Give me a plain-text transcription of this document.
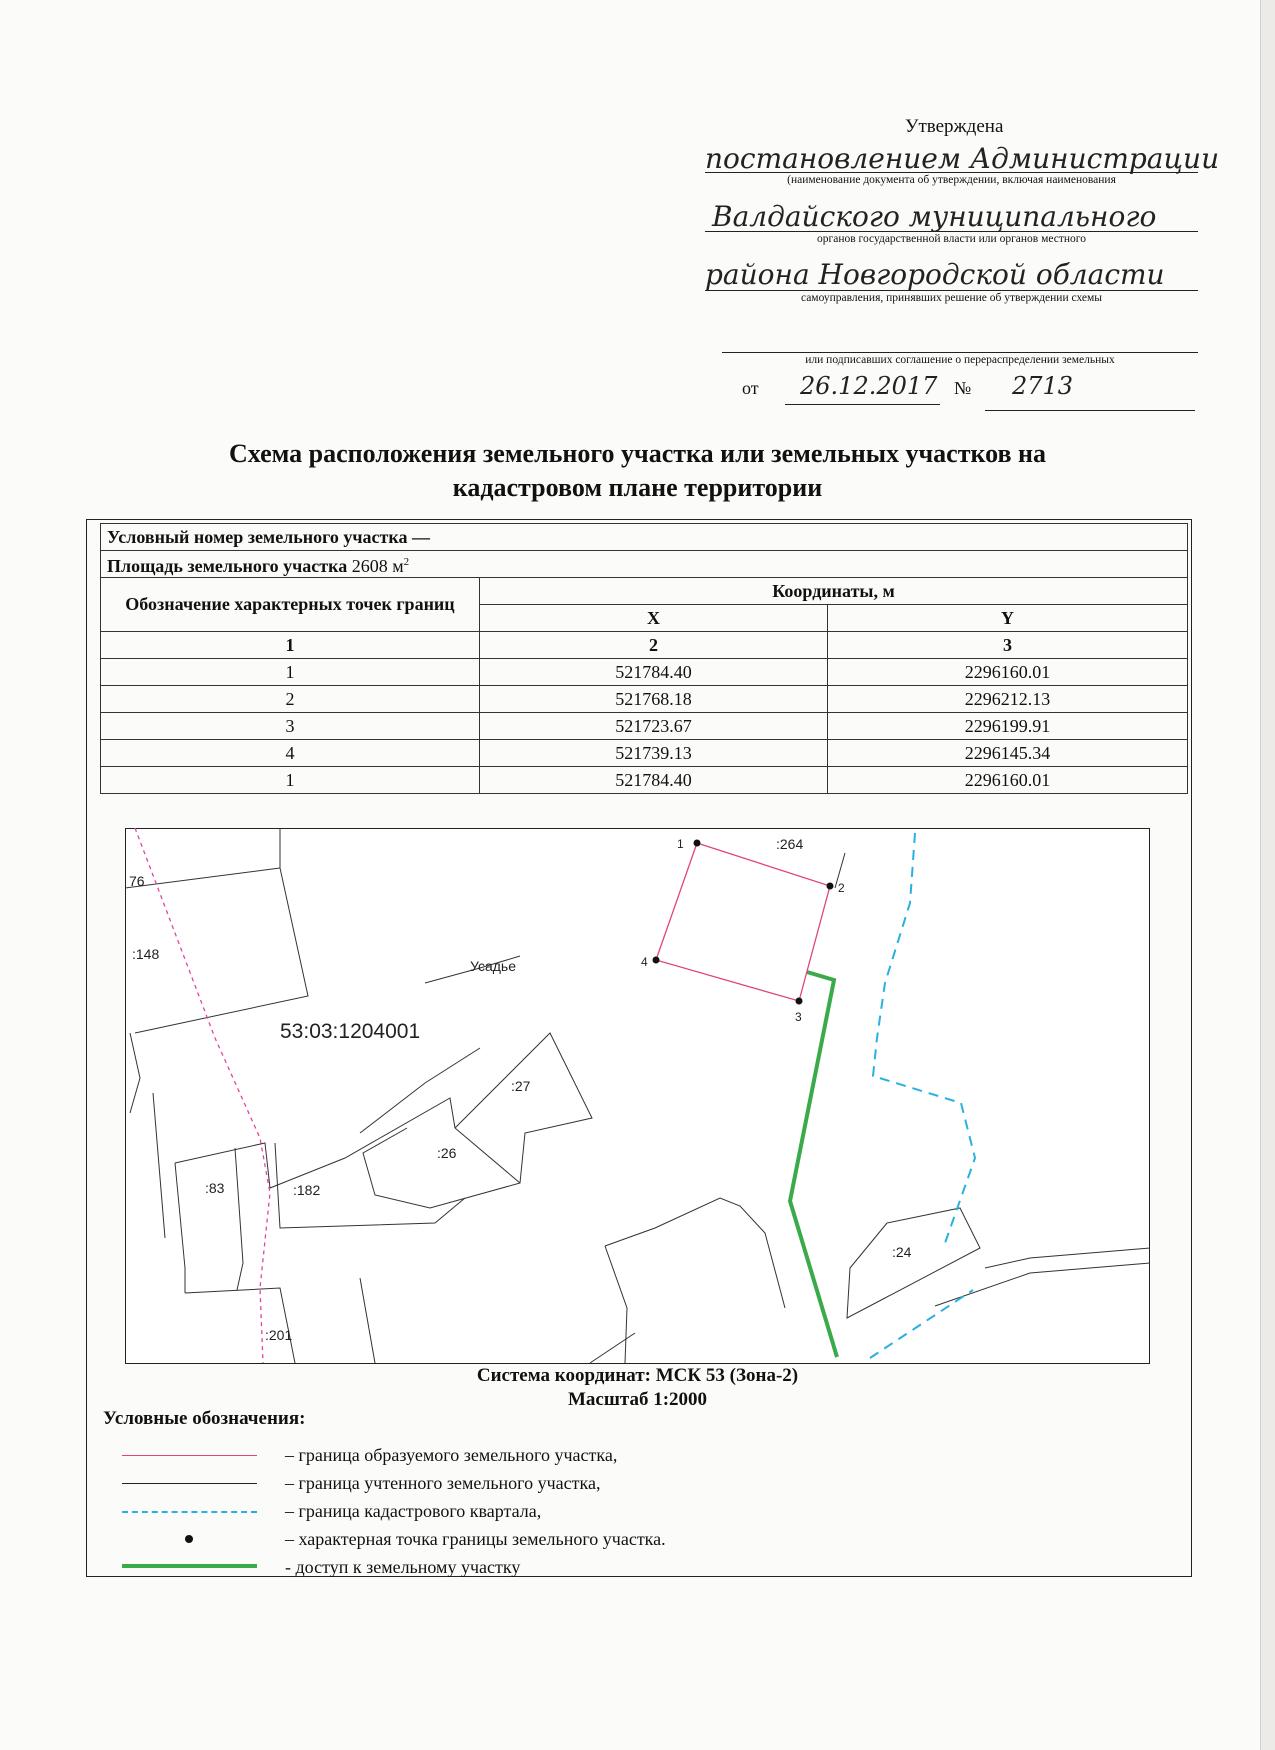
Утверждена
постановлением Администрации
(наименование документа об утверждении, включая наименования
Валдайского муниципального
органов государственной власти или органов местного
района Новгородской области
самоуправления, принявших решение об утверждении схемы
или подписавших соглашение о перераспределении земельных
от 26.12.2017 № 2713
Схема расположения земельного участка или земельных участков на
кадастровом плане территории
Условный номер земельного участка —		
Площадь земельного участка 2608 $м^2$
Обозначение характерных точек границ	Координаты, м	
	X	Y
1	2	3
1	521784.40	2296160.01
2	521768.18	2296212.13
3	521723.67	2296199.91
4	521739.13	2296145.34
1	521784.40	2296160.01
76
:148
:264
Усадье
53:03:1204001
:27
:26
:83	:182
:201
:24
1
2
3
4
Система координат: МСК 53 (Зона-2)
Масштаб 1:2000
Условные обозначения:
– граница образуемого земельного участка,
– граница учтенного земельного участка,
– граница кадастрового квартала,
– характерная точка границы земельного участка.
- доступ к земельному участку
